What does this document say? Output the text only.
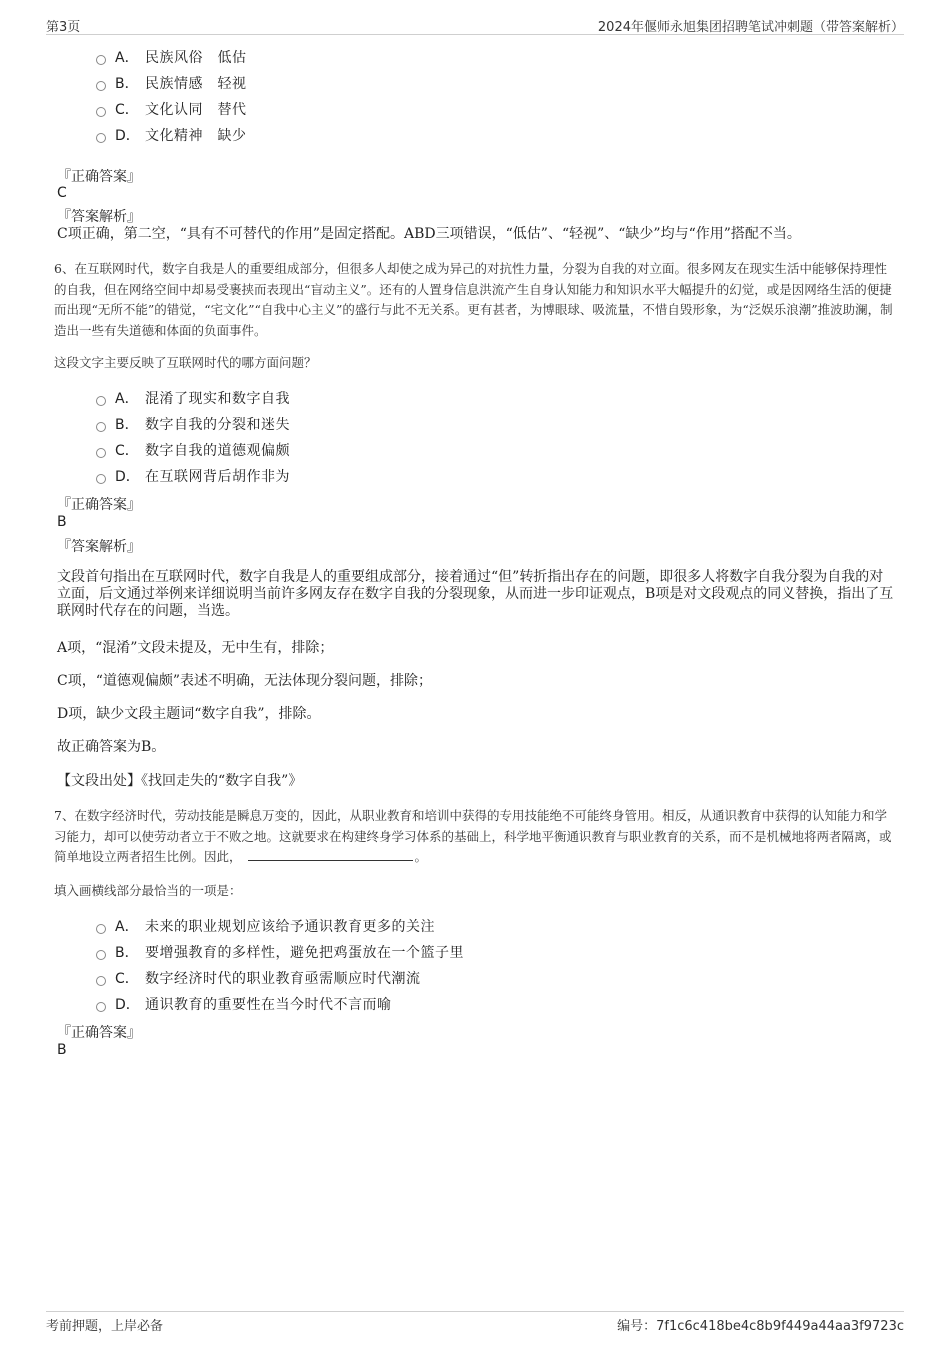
第3页	2024年偃师永旭集团招聘笔试冲刺题（带答案解析）
A． 民族风俗　低估
B． 民族情感　轻视
C． 文化认同　替代
D． 文化精神　缺少
『正确答案』
C
『答案解析』

C项正确，第二空，“具有不可替代的作用”是固定搭配。ABD三项错误，“低估”、“轻视”、“缺少”均与“作用”搭配不当。

6、在互联网时代，数字自我是人的重要组成部分，但很多人却使之成为异己的对抗性力量，分裂为自我的对立面。很多网友在现实生活中能够保持理性的自我，但在网络空间中却易受裹挟而表现出“盲动主义”。还有的人置身信息洪流产生自身认知能力和知识水平大幅提升的幻觉，或是因网络生活的便捷而出现“无所不能”的错觉，“宅文化”“自我中心主义”的盛行与此不无关系。更有甚者，为博眼球、吸流量，不惜自毁形象，为“泛娱乐浪潮”推波助澜，制造出一些有失道德和体面的负面事件。

这段文字主要反映了互联网时代的哪方面问题？
A． 混淆了现实和数字自我
B． 数字自我的分裂和迷失
C． 数字自我的道德观偏颇
D． 在互联网背后胡作非为
『正确答案』
B
『答案解析』

文段首句指出在互联网时代，数字自我是人的重要组成部分，接着通过“但”转折指出存在的问题，即很多人将数字自我分裂为自我的对立面，后文通过举例来详细说明当前许多网友存在数字自我的分裂现象，从而进一步印证观点，B项是对文段观点的同义替换，指出了互联网时代存在的问题，当选。

A项，“混淆”文段未提及，无中生有，排除；

C项，“道德观偏颇”表述不明确，无法体现分裂问题，排除；

D项，缺少文段主题词“数字自我”，排除。

故正确答案为B。

【文段出处】《找回走失的“数字自我”》

7、在数字经济时代，劳动技能是瞬息万变的，因此，从职业教育和培训中获得的专用技能绝不可能终身管用。相反，从通识教育中获得的认知能力和学习能力，却可以使劳动者立于不败之地。这就要求在构建终身学习体系的基础上，科学地平衡通识教育与职业教育的关系，而不是机械地将两者隔离，或简单地设立两者招生比例。因此，	。

填入画横线部分最恰当的一项是：
A． 未来的职业规划应该给予通识教育更多的关注
B． 要增强教育的多样性，避免把鸡蛋放在一个篮子里
C． 数字经济时代的职业教育亟需顺应时代潮流
D． 通识教育的重要性在当今时代不言而喻
『正确答案』
B
考前押题，上岸必备	编号：7f1c6c418be4c8b9f449a44aa3f9723c
